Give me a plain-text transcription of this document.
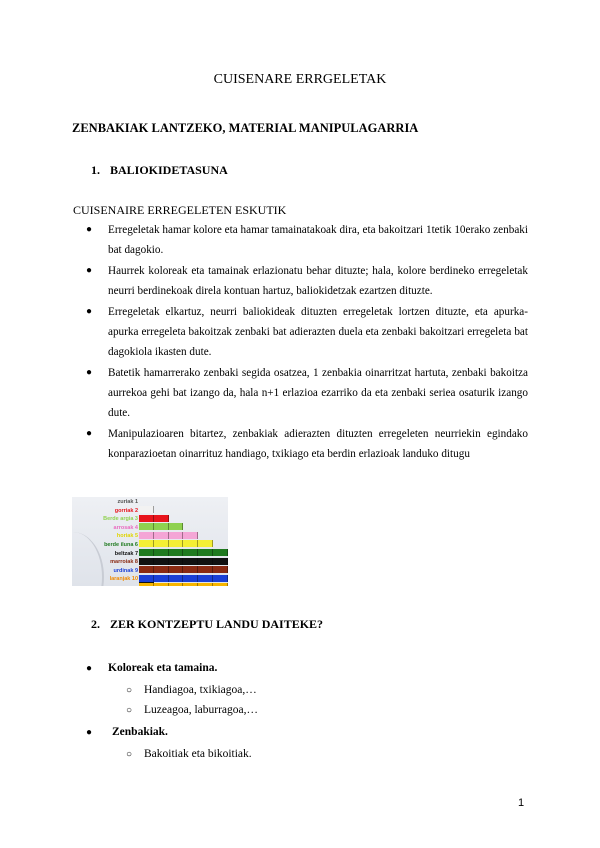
CUISENARE ERRGELETAK
ZENBAKIAK LANTZEKO, MATERIAL MANIPULAGARRIA
1. BALIOKIDETASUNA
CUISENAIRE ERREGELETEN ESKUTIK
● Erregeletak hamar kolore eta hamar tamainatakoak dira, eta bakoitzari 1tetik 10erako zenbaki bat dagokio.
● Haurrek koloreak eta tamainak erlazionatu behar dituzte; hala, kolore berdineko erregeletak neurri berdinekoak direla kontuan hartuz, baliokidetzak ezartzen dituzte.
● Erregeletak elkartuz, neurri baliokideak dituzten erregeletak lortzen dituzte, eta apurka-apurka erregeleta bakoitzak zenbaki bat adierazten duela eta zenbaki bakoitzari erregeleta bat dagokiola ikasten dute.
● Batetik hamarrerako zenbaki segida osatzea, 1 zenbakia oinarritzat hartuta, zenbaki bakoitza aurrekoa gehi bat izango da, hala n+1 erlazioa ezarriko da eta zenbaki seriea osaturik izango dute.
● Manipulazioaren bitartez, zenbakiak adierazten dituzten erregeleten neurriekin egindako konparazioetan oinarrituz handiago, txikiago eta berdin erlazioak landuko ditugu
zuriak 1
gorriak 2
Berde argia 3
arrosak 4
horiak 5
berde iluna 6
beltzak 7
marroiak 8
urdinak 9
laranjak 10
2. ZER KONTZEPTU LANDU DAITEKE?
● Koloreak eta tamaina.
○ Handiagoa, txikiagoa,…
○ Luzeagoa, laburragoa,…
● Zenbakiak.
○ Bakoitiak eta bikoitiak.
1
